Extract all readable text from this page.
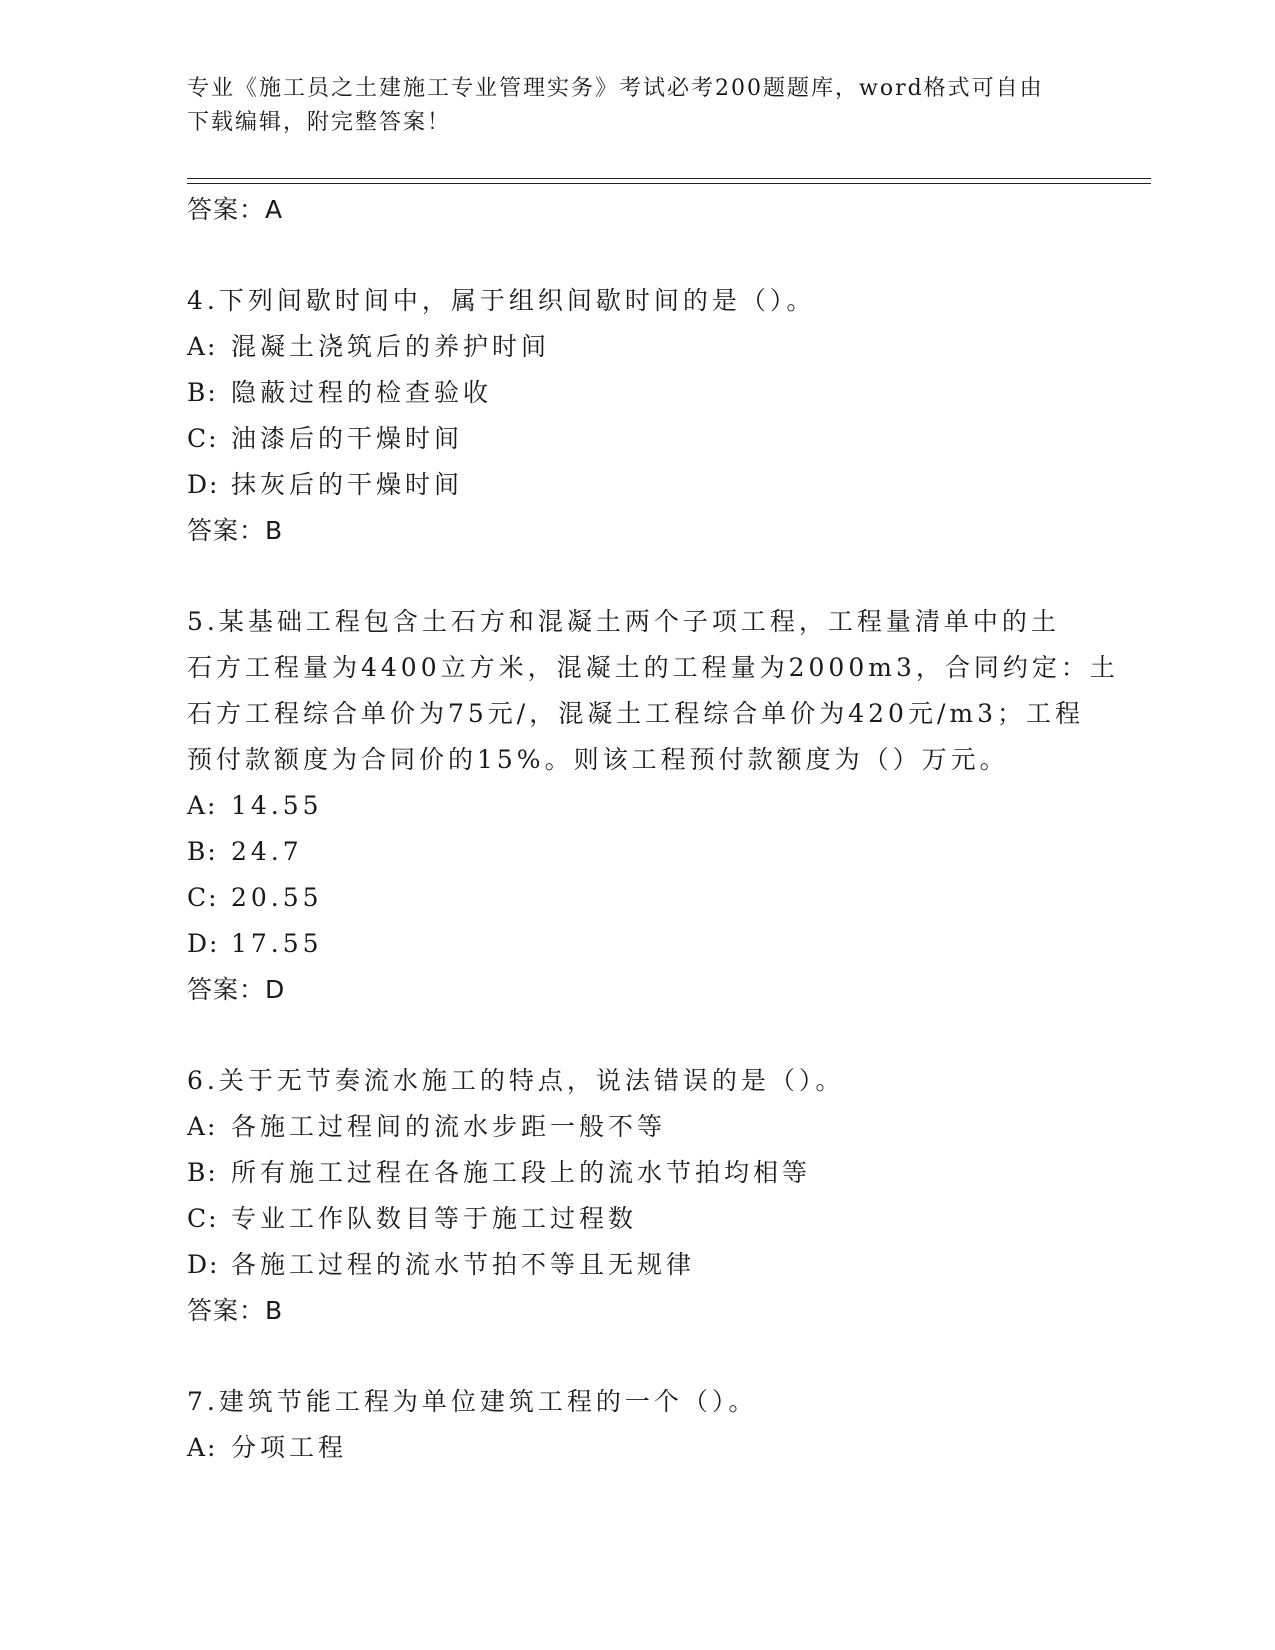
专业《施工员之土建施工专业管理实务》考试必考200题题库，word格式可自由
下载编辑，附完整答案！
答案：A
4.下列间歇时间中，属于组织间歇时间的是（）。
A: 混凝土浇筑后的养护时间
B: 隐蔽过程的检查验收
C: 油漆后的干燥时间
D: 抹灰后的干燥时间
答案：B
5.某基础工程包含土石方和混凝土两个子项工程，工程量清单中的土
石方工程量为4400立方米，混凝土的工程量为2000m3，合同约定：土
石方工程综合单价为75元/，混凝土工程综合单价为420元/m3；工程
预付款额度为合同价的15%。则该工程预付款额度为（）万元。
A: 14.55
B: 24.7
C: 20.55
D: 17.55
答案：D
6.关于无节奏流水施工的特点，说法错误的是（）。
A: 各施工过程间的流水步距一般不等
B: 所有施工过程在各施工段上的流水节拍均相等
C: 专业工作队数目等于施工过程数
D: 各施工过程的流水节拍不等且无规律
答案：B
7.建筑节能工程为单位建筑工程的一个（）。
A: 分项工程
